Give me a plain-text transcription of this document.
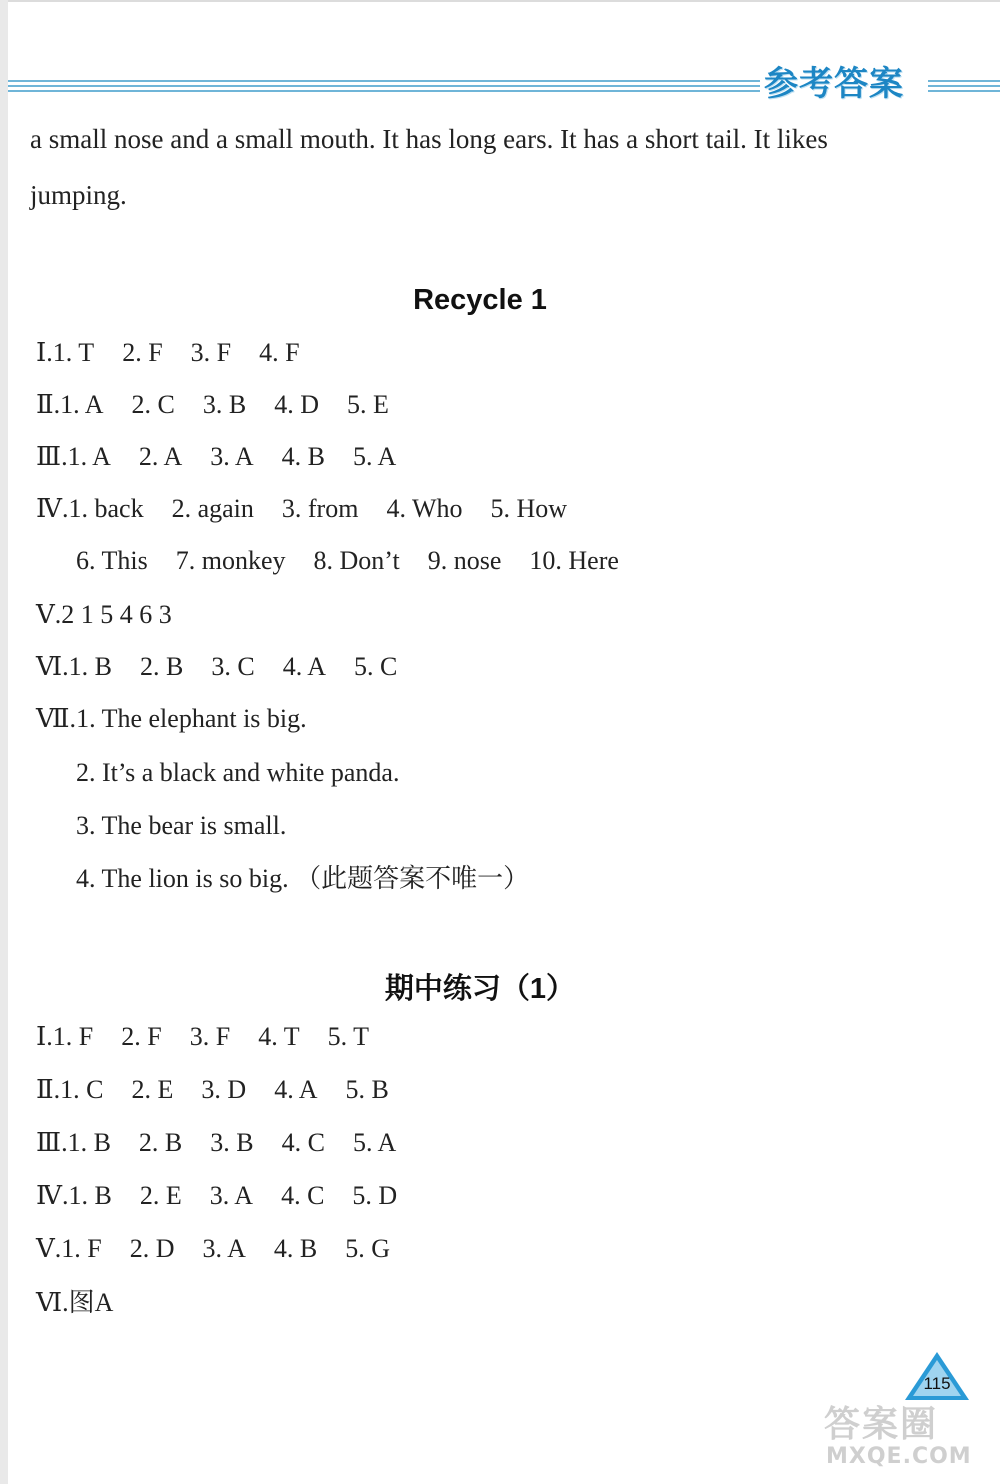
参考答案
a small nose and a small mouth. It has long ears. It has a short tail. It likes
jumping.
Recycle 1
Ⅰ.1. T 2. F 3. F 4. F
Ⅱ.1. A 2. C 3. B 4. D 5. E
Ⅲ.1. A 2. A 3. A 4. B 5. A
Ⅳ.1. back 2. again 3. from 4. Who 5. How
6. This 7. monkey 8. Don’t 9. nose 10. Here
Ⅴ.2 1 5 4 6 3
Ⅵ.1. B 2. B 3. C 4. A 5. C
Ⅶ.1. The elephant is big.
2. It’s a black and white panda.
3. The bear is small.
4. The lion is so big. （此题答案不唯一）
期中练习（1）
Ⅰ.1. F 2. F 3. F 4. T 5. T
Ⅱ.1. C 2. E 3. D 4. A 5. B
Ⅲ.1. B 2. B 3. B 4. C 5. A
Ⅳ.1. B 2. E 3. A 4. C 5. D
Ⅴ.1. F 2. D 3. A 4. B 5. G
Ⅵ.图A
115
答案圈
MXQE.COM
